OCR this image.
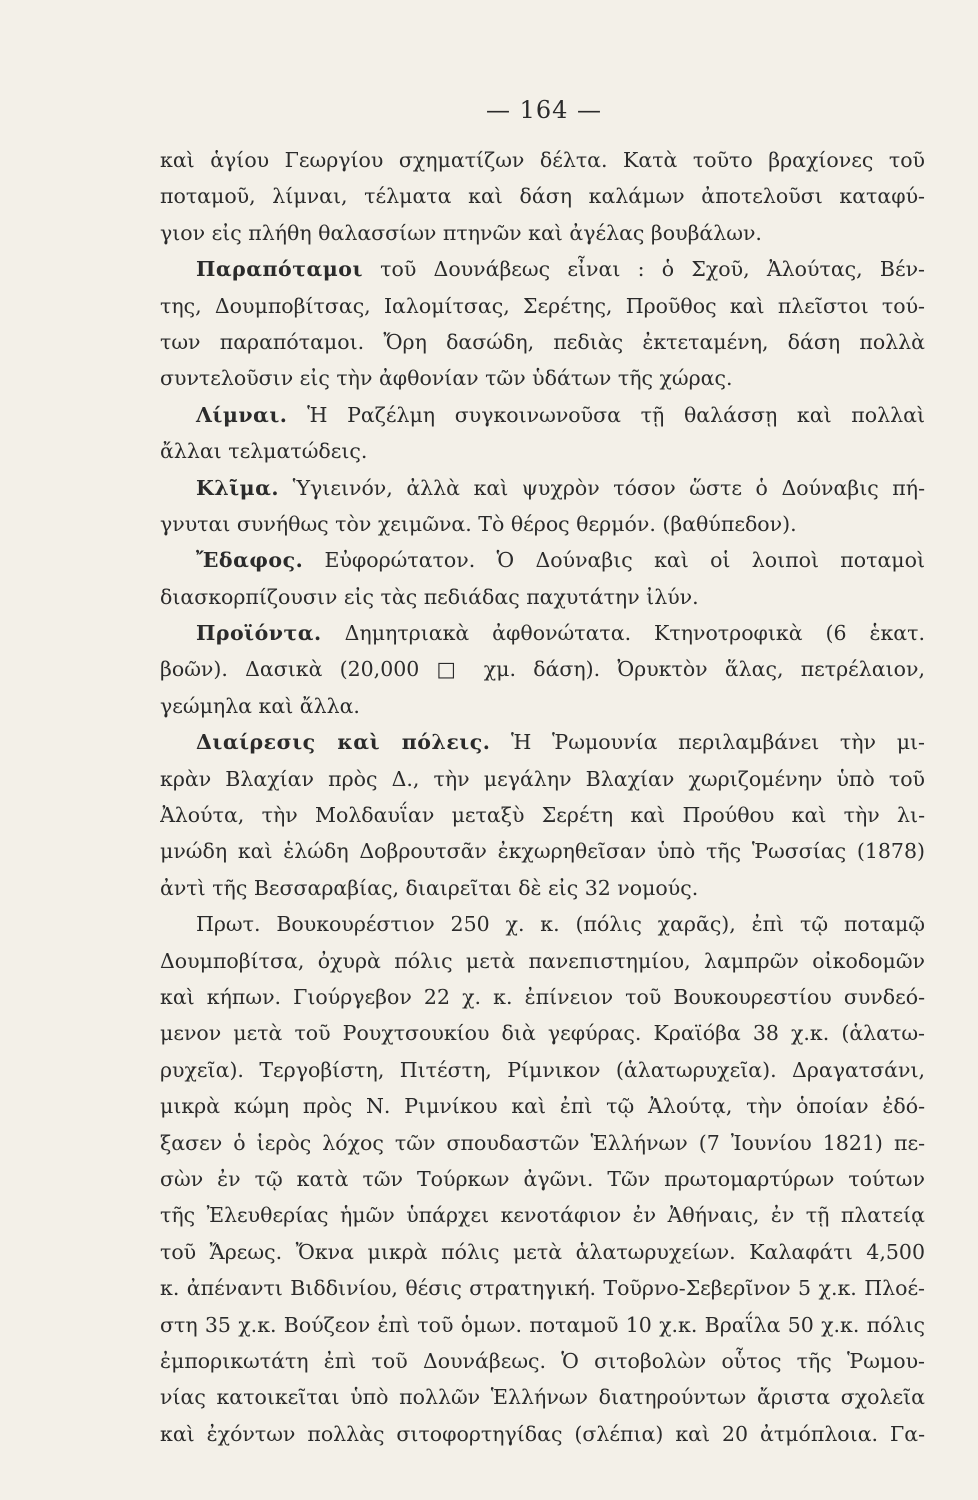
— 164 —
καὶ ἁγίου Γεωργίου σχηματίζων δέλτα. Κατὰ τοῦτο βραχίονες τοῦ
ποταμοῦ, λίμναι, τέλματα καὶ δάση καλάμων ἀποτελοῦσι καταφύ-
γιον εἰς πλήθη θαλασσίων πτηνῶν καὶ ἀγέλας βουβάλων.
Παραπόταμοι τοῦ Δουνάβεως εἶναι : ὁ Σχοῦ, Ἀλούτας, Βέν-
της, Δουμποβίτσας, Ιαλομίτσας, Σερέτης, Προῦθος καὶ πλεῖστοι τού-
των παραπόταμοι. Ὄρη δασώδη, πεδιὰς ἐκτεταμένη, δάση πολλὰ
συντελοῦσιν εἰς τὴν ἀφθονίαν τῶν ὑδάτων τῆς χώρας.
Λίμναι. Ἡ Ραζέλμη συγκοινωνοῦσα τῇ θαλάσσῃ καὶ πολλαὶ
ἄλλαι τελματώδεις.
Κλῖμα. Ὑγιεινόν, ἀλλὰ καὶ ψυχρὸν τόσον ὥστε ὁ Δούναβις πή-
γνυται συνήθως τὸν χειμῶνα. Τὸ θέρος θερμόν. (βαθύπεδον).
Ἔδαφος. Εὐφορώτατον. Ὁ Δούναβις καὶ οἱ λοιποὶ ποταμοὶ
διασκορπίζουσιν εἰς τὰς πεδιάδας παχυτάτην ἰλύν.
Προϊόντα. Δημητριακὰ ἀφθονώτατα. Κτηνοτροφικὰ (6 ἑκατ.
βοῶν). Δασικὰ (20,000 □ χμ. δάση). Ὀρυκτὸν ἅλας, πετρέλαιον,
γεώμηλα καὶ ἄλλα.
Διαίρεσις καὶ πόλεις. Ἡ Ῥωμουνία περιλαμβάνει τὴν μι-
κρὰν Βλαχίαν πρὸς Δ., τὴν μεγάλην Βλαχίαν χωριζομένην ὑπὸ τοῦ
Ἀλούτα, τὴν Μολδαυΐαν μεταξὺ Σερέτη καὶ Προύθου καὶ τὴν λι-
μνώδη καὶ ἑλώδη Δοβρουτσᾶν ἐκχωρηθεῖσαν ὑπὸ τῆς Ῥωσσίας (1878)
ἀντὶ τῆς Βεσσαραβίας, διαιρεῖται δὲ εἰς 32 νομούς.
Πρωτ. Βουκουρέστιον 250 χ. κ. (πόλις χαρᾶς), ἐπὶ τῷ ποταμῷ
Δουμποβίτσα, ὀχυρὰ πόλις μετὰ πανεπιστημίου, λαμπρῶν οἰκοδομῶν
καὶ κήπων. Γιούργεβον 22 χ. κ. ἐπίνειον τοῦ Βουκουρεστίου συνδεό-
μενον μετὰ τοῦ Ρουχτσουκίου διὰ γεφύρας. Κραϊόβα 38 χ.κ. (ἁλατω-
ρυχεῖα). Τεργοβίστη, Πιτέστη, Ρίμνικον (ἁλατωρυχεῖα). Δραγατσάνι,
μικρὰ κώμη πρὸς Ν. Ριμνίκου καὶ ἐπὶ τῷ Ἀλούτᾳ, τὴν ὁποίαν ἐδό-
ξασεν ὁ ἱερὸς λόχος τῶν σπουδαστῶν Ἑλλήνων (7 Ἰουνίου 1821) πε-
σὼν ἐν τῷ κατὰ τῶν Τούρκων ἀγῶνι. Τῶν πρωτομαρτύρων τούτων
τῆς Ἐλευθερίας ἡμῶν ὑπάρχει κενοτάφιον ἐν Ἀθήναις, ἐν τῇ πλατείᾳ
τοῦ Ἄρεως. Ὄκνα μικρὰ πόλις μετὰ ἁλατωρυχείων. Καλαφάτι 4,500
κ. ἀπέναντι Βιδδινίου, θέσις στρατηγική. Τοῦρνο-Σεβερῖνον 5 χ.κ. Πλοέ-
στη 35 χ.κ. Βούζεον ἐπὶ τοῦ ὁμων. ποταμοῦ 10 χ.κ. Βραΐλα 50 χ.κ. πόλις
ἐμπορικωτάτη ἐπὶ τοῦ Δουνάβεως. Ὁ σιτοβολὼν οὗτος τῆς Ῥωμου-
νίας κατοικεῖται ὑπὸ πολλῶν Ἑλλήνων διατηρούντων ἄριστα σχολεῖα
καὶ ἐχόντων πολλὰς σιτοφορτηγίδας (σλέπια) καὶ 20 ἀτμόπλοια. Γα-
